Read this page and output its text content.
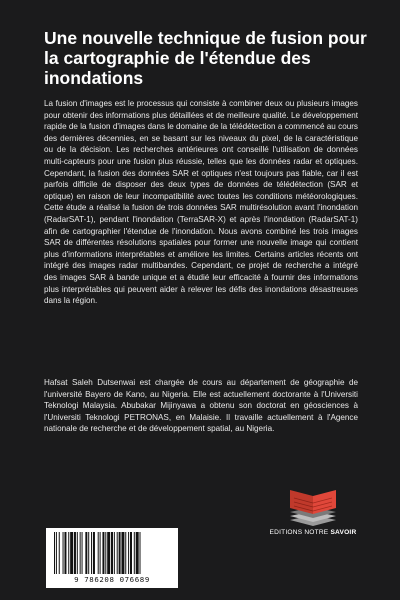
Une nouvelle technique de fusion pour la cartographie de l'étendue des inondations

La fusion d'images est le processus qui consiste à combiner deux ou plusieurs images pour obtenir des informations plus détaillées et de meilleure qualité. Le développement rapide de la fusion d'images dans le domaine de la télédétection a commencé au cours des dernières décennies, en se basant sur les niveaux du pixel, de la caractéristique ou de la décision. Les recherches antérieures ont conseillé l'utilisation de données multi-capteurs pour une fusion plus réussie, telles que les données radar et optiques. Cependant, la fusion des données SAR et optiques n'est toujours pas fiable, car il est parfois difficile de disposer des deux types de données de télédétection (SAR et optique) en raison de leur incompatibilité avec toutes les conditions météorologiques. Cette étude a réalisé la fusion de trois données SAR multirésolution avant l'inondation (RadarSAT-1), pendant l'inondation (TerraSAR-X) et après l'inondation (RadarSAT-1) afin de cartographier l'étendue de l'inondation. Nous avons combiné les trois images SAR de différentes résolutions spatiales pour former une nouvelle image qui contient plus d'informations interprétables et améliore les limites. Certains articles récents ont intégré des images radar multibandes. Cependant, ce projet de recherche a intégré des images SAR à bande unique et a étudié leur efficacité à fournir des informations plus interprétables qui peuvent aider à relever les défis des inondations désastreuses dans la région.

Hafsat Saleh Dutsenwai est chargée de cours au département de géographie de l'université Bayero de Kano, au Nigeria. Elle est actuellement doctorante à l'Universiti Teknologi Malaysia. Abubakar Mijinyawa a obtenu son doctorat en géosciences à l'Universiti Teknologi PETRONAS, en Malaisie. Il travaille actuellement à l'Agence nationale de recherche et de développement spatial, au Nigeria.

EDITIONS NOTRE SAVOIR
9 786208 076689
